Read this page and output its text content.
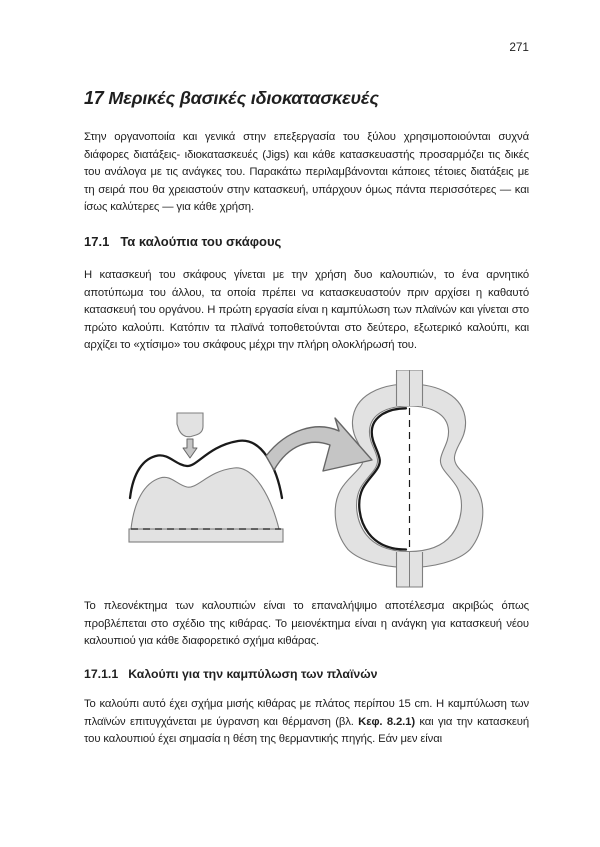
271
17 Μερικές βασικές ιδιοκατασκευές

Στην οργανοποιία και γενικά στην επεξεργασία του ξύλου χρησιμοποιούνται συχνά διάφορες διατάξεις- ιδιοκατασκευές (Jigs) και κάθε κατασκευαστής προσαρμόζει τις δικές του ανάλογα με τις ανάγκες του. Παρακάτω περιλαμβάνονται κάποιες τέτοιες διατάξεις με τη σειρά που θα χρειαστούν στην κατασκευή, υπάρχουν όμως πάντα περισσότερες — και ίσως καλύτερες — για κάθε χρήση.

17.1 Τα καλούπια του σκάφους

Η κατασκευή του σκάφους γίνεται με την χρήση δυο καλουπιών, το ένα αρνητικό αποτύπωμα του άλλου, τα οποία πρέπει να κατασκευαστούν πριν αρχίσει η καθαυτό κατασκευή του οργάνου. Η πρώτη εργασία είναι η καμπύλωση των πλαϊνών και γίνεται στο πρώτο καλούπι. Κατόπιν τα πλαϊνά τοποθετούνται στο δεύτερο, εξωτερικό καλούπι, και αρχίζει το «χτίσιμο» του σκάφους μέχρι την πλήρη ολοκλήρωσή του.

Το πλεονέκτημα των καλουπιών είναι το επαναλήψιμο αποτέλεσμα ακριβώς όπως προβλέπεται στο σχέδιο της κιθάρας. Το μειονέκτημα είναι η ανάγκη για κατασκευή νέου καλουπιού για κάθε διαφορετικό σχήμα κιθάρας.

17.1.1 Καλούπι για την καμπύλωση των πλαϊνών

Το καλούπι αυτό έχει σχήμα μισής κιθάρας με πλάτος περίπου 15 cm. Η καμπύλωση των πλαϊνών επιτυγχάνεται με ύγρανση και θέρμανση (βλ. Κεφ. 8.2.1) και για την κατασκευή του καλουπιού έχει σημασία η θέση της θερμαντικής πηγής. Εάν μεν είναι
